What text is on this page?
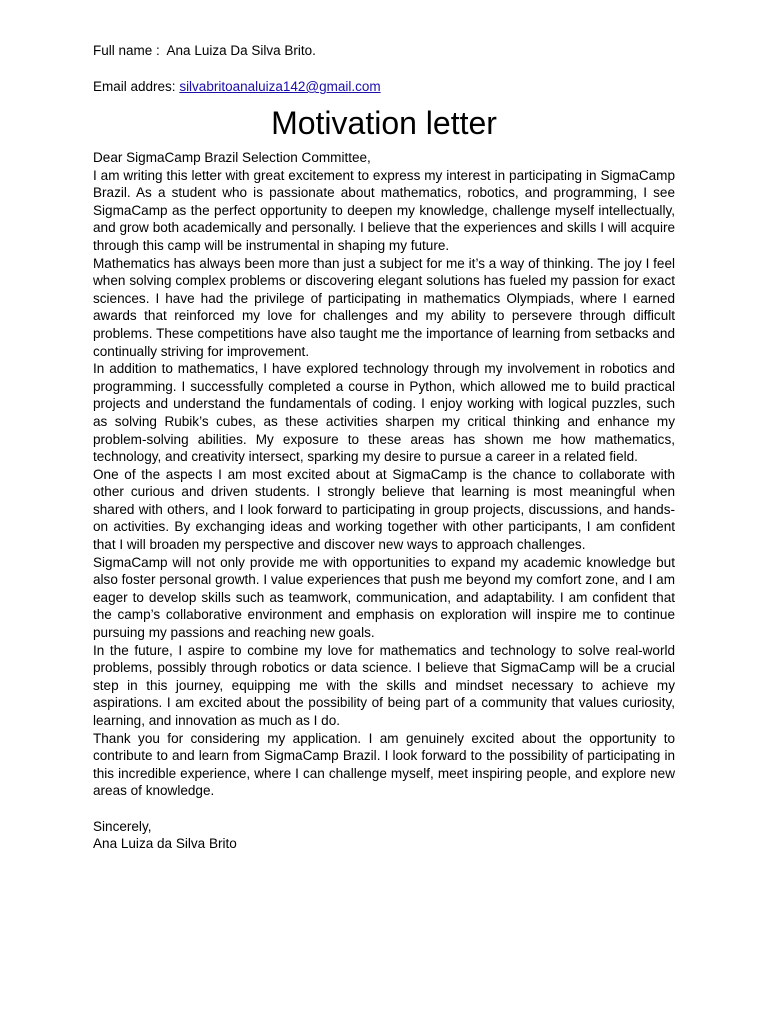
Full name : Ana Luiza Da Silva Brito.

Email addres: silvabritoanaluiza142@gmail.com

Motivation letter

Dear SigmaCamp Brazil Selection Committee,

I am writing this letter with great excitement to express my interest in participating in SigmaCamp Brazil. As a student who is passionate about mathematics, robotics, and programming, I see SigmaCamp as the perfect opportunity to deepen my knowledge, challenge myself intellectually, and grow both academically and personally. I believe that the experiences and skills I will acquire through this camp will be instrumental in shaping my future.

Mathematics has always been more than just a subject for me it’s a way of thinking. The joy I feel when solving complex problems or discovering elegant solutions has fueled my passion for exact sciences. I have had the privilege of participating in mathematics Olympiads, where I earned awards that reinforced my love for challenges and my ability to persevere through difficult problems. These competitions have also taught me the importance of learning from setbacks and continually striving for improvement.

In addition to mathematics, I have explored technology through my involvement in robotics and programming. I successfully completed a course in Python, which allowed me to build practical projects and understand the fundamentals of coding. I enjoy working with logical puzzles, such as solving Rubik’s cubes, as these activities sharpen my critical thinking and enhance my problem-solving abilities. My exposure to these areas has shown me how mathematics, technology, and creativity intersect, sparking my desire to pursue a career in a related field.

One of the aspects I am most excited about at SigmaCamp is the chance to collaborate with other curious and driven students. I strongly believe that learning is most meaningful when shared with others, and I look forward to participating in group projects, discussions, and hands-on activities. By exchanging ideas and working together with other participants, I am confident that I will broaden my perspective and discover new ways to approach challenges.

SigmaCamp will not only provide me with opportunities to expand my academic knowledge but also foster personal growth. I value experiences that push me beyond my comfort zone, and I am eager to develop skills such as teamwork, communication, and adaptability. I am confident that the camp’s collaborative environment and emphasis on exploration will inspire me to continue pursuing my passions and reaching new goals.

In the future, I aspire to combine my love for mathematics and technology to solve real-world problems, possibly through robotics or data science. I believe that SigmaCamp will be a crucial step in this journey, equipping me with the skills and mindset necessary to achieve my aspirations. I am excited about the possibility of being part of a community that values curiosity, learning, and innovation as much as I do.

Thank you for considering my application. I am genuinely excited about the opportunity to contribute to and learn from SigmaCamp Brazil. I look forward to the possibility of participating in this incredible experience, where I can challenge myself, meet inspiring people, and explore new areas of knowledge.

Sincerely,
Ana Luiza da Silva Brito
